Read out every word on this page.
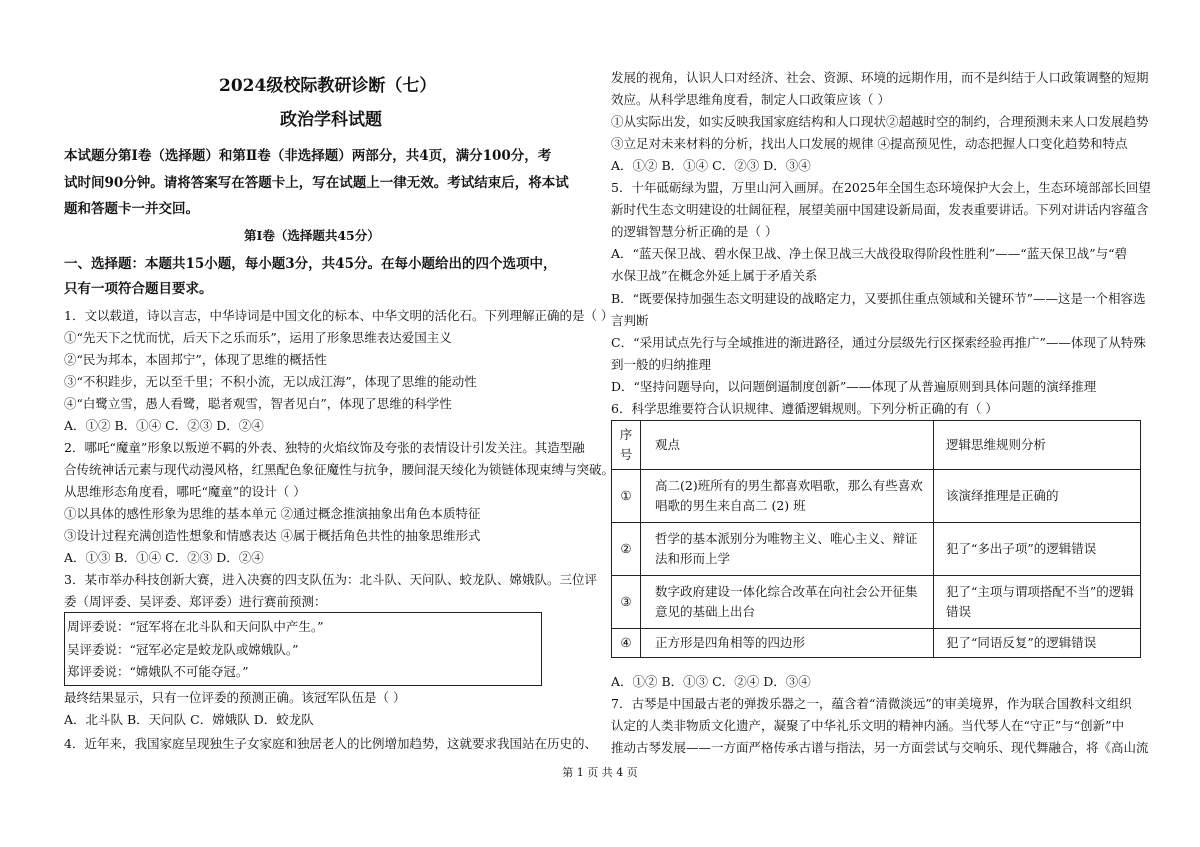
2024级校际教研诊断（七）
政治学科试题
本试题分第Ⅰ卷（选择题）和第Ⅱ卷（非选择题）两部分，共4页，满分100分，考
试时间90分钟。请将答案写在答题卡上，写在试题上一律无效。考试结束后，将本试
题和答题卡一并交回。
第Ⅰ卷（选择题共45分）
一、选择题：本题共15小题，每小题3分，共45分。在每小题给出的四个选项中，
只有一项符合题目要求。
1．文以载道，诗以言志，中华诗词是中国文化的标本、中华文明的活化石。下列理解正确的是（ ）
①“先天下之忧而忧，后天下之乐而乐”，运用了形象思维表达爱国主义
②“民为邦本，本固邦宁”，体现了思维的概括性
③“不积跬步，无以至千里；不积小流，无以成江海”，体现了思维的能动性
④“白鹭立雪，愚人看鹭，聪者观雪，智者见白”，体现了思维的科学性
A．①② B．①④ C．②③ D．②④
2．哪吒“魔童”形象以叛逆不羁的外表、独特的火焰纹饰及夸张的表情设计引发关注。其造型融
合传统神话元素与现代动漫风格，红黑配色象征魔性与抗争，腰间混天绫化为锁链体现束缚与突破。
从思维形态角度看，哪吒“魔童”的设计（ ）
①以具体的感性形象为思维的基本单元 ②通过概念推演抽象出角色本质特征
③设计过程充满创造性想象和情感表达 ④属于概括角色共性的抽象思维形式
A．①③ B．①④ C．②③ D．②④
3．某市举办科技创新大赛，进入决赛的四支队伍为：北斗队、天问队、蛟龙队、嫦娥队。三位评
委（周评委、吴评委、郑评委）进行赛前预测：
周评委说：“冠军将在北斗队和天问队中产生。”
吴评委说：“冠军必定是蛟龙队或嫦娥队。”
郑评委说：“嫦娥队不可能夺冠。”
最终结果显示，只有一位评委的预测正确。该冠军队伍是（ ）
A．北斗队 B．天问队 C．嫦娥队 D．蛟龙队
4．近年来，我国家庭呈现独生子女家庭和独居老人的比例增加趋势，这就要求我国站在历史的、
发展的视角，认识人口对经济、社会、资源、环境的远期作用，而不是纠结于人口政策调整的短期
效应。从科学思维角度看，制定人口政策应该（ ）
①从实际出发，如实反映我国家庭结构和人口现状②超越时空的制约，合理预测未来人口发展趋势
③立足对未来材料的分析，找出人口发展的规律 ④提高预见性，动态把握人口变化趋势和特点
A．①② B．①④ C．②③ D．③④
5．十年砥砺绿为盟，万里山河入画屏。在2025年全国生态环境保护大会上，生态环境部部长回望
新时代生态文明建设的壮阔征程，展望美丽中国建设新局面，发表重要讲话。下列对讲话内容蕴含
的逻辑智慧分析正确的是（ ）
A．“蓝天保卫战、碧水保卫战、净土保卫战三大战役取得阶段性胜利”——“蓝天保卫战”与“碧
水保卫战”在概念外延上属于矛盾关系
B．“既要保持加强生态文明建设的战略定力，又要抓住重点领域和关键环节”——这是一个相容选
言判断
C．“采用试点先行与全域推进的渐进路径，通过分层级先行区探索经验再推广”——体现了从特殊
到一般的归纳推理
D．“坚持问题导向，以问题倒逼制度创新”——体现了从普遍原则到具体问题的演绎推理
6．科学思维要符合认识规律、遵循逻辑规则。下列分析正确的有（ ）
序号	观点	逻辑思维规则分析
①	高二(2)班所有的男生都喜欢唱歌，那么有些喜欢唱歌的男生来自高二 (2) 班	该演绎推理是正确的
②	哲学的基本派别分为唯物主义、唯心主义、辩证法和形而上学	犯了“多出子项”的逻辑错误
③	数字政府建设一体化综合改革在向社会公开征集意见的基础上出台	犯了“主项与谓项搭配不当”的逻辑错误
④	正方形是四角相等的四边形	犯了“同语反复”的逻辑错误
A．①② B．①③ C．②④ D．③④
7．古琴是中国最古老的弹拨乐器之一，蕴含着“清微淡远”的审美境界，作为联合国教科文组织
认定的人类非物质文化遗产，凝聚了中华礼乐文明的精神内涵。当代琴人在“守正”与“创新”中
推动古琴发展——一方面严格传承古谱与指法，另一方面尝试与交响乐、现代舞融合，将《高山流
第 1 页 共 4 页
